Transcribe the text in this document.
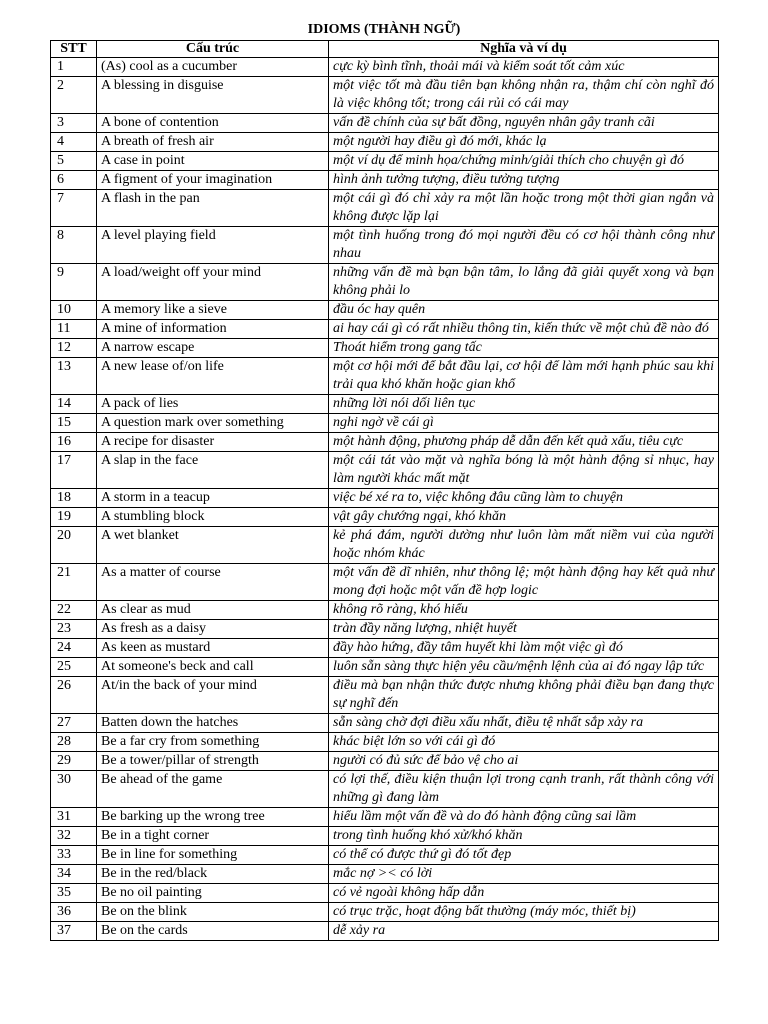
IDIOMS (THÀNH NGỮ)
STT	Cấu trúc	Nghĩa và ví dụ
1	(As) cool as a cucumber	cực kỳ bình tĩnh, thoải mái và kiểm soát tốt cảm xúc
2	A blessing in disguise	một việc tốt mà đầu tiên bạn không nhận ra, thậm chí còn nghĩ đó là việc không tốt; trong cái rủi có cái may
3	A bone of contention	vấn đề chính của sự bất đồng, nguyên nhân gây tranh cãi
4	A breath of fresh air	một người hay điều gì đó mới, khác lạ
5	A case in point	một ví dụ để minh họa/chứng minh/giải thích cho chuyện gì đó
6	A figment of your imagination	hình ảnh tưởng tượng, điều tưởng tượng
7	A flash in the pan	một cái gì đó chỉ xảy ra một lần hoặc trong một thời gian ngắn và không được lặp lại
8	A level playing field	một tình huống trong đó mọi người đều có cơ hội thành công như nhau
9	A load/weight off your mind	những vấn đề mà bạn bận tâm, lo lắng đã giải quyết xong và bạn không phải lo
10	A memory like a sieve	đầu óc hay quên
11	A mine of information	ai hay cái gì có rất nhiều thông tin, kiến thức về một chủ đề nào đó
12	A narrow escape	Thoát hiểm trong gang tấc
13	A new lease of/on life	một cơ hội mới để bắt đầu lại, cơ hội để làm mới hạnh phúc sau khi trải qua khó khăn hoặc gian khổ
14	A pack of lies	những lời nói dối liên tục
15	A question mark over something	nghi ngờ về cái gì
16	A recipe for disaster	một hành động, phương pháp dễ dẫn đến kết quả xấu, tiêu cực
17	A slap in the face	một cái tát vào mặt và nghĩa bóng là một hành động sỉ nhục, hay làm người khác mất mặt
18	A storm in a teacup	việc bé xé ra to, việc không đâu cũng làm to chuyện
19	A stumbling block	vật gây chướng ngại, khó khăn
20	A wet blanket	kẻ phá đám, người dường như luôn làm mất niềm vui của người hoặc nhóm khác
21	As a matter of course	một vấn đề dĩ nhiên, như thông lệ; một hành động hay kết quả như mong đợi hoặc một vấn đề hợp logic
22	As clear as mud	không rõ ràng, khó hiểu
23	As fresh as a daisy	tràn đầy năng lượng, nhiệt huyết
24	As keen as mustard	đầy hào hứng, đầy tâm huyết khi làm một việc gì đó
25	At someone's beck and call	luôn sẵn sàng thực hiện yêu cầu/mệnh lệnh của ai đó ngay lập tức
26	At/in the back of your mind	điều mà bạn nhận thức được nhưng không phải điều bạn đang thực sự nghĩ đến
27	Batten down the hatches	sẵn sàng chờ đợi điều xấu nhất, điều tệ nhất sắp xảy ra
28	Be a far cry from something	khác biệt lớn so với cái gì đó
29	Be a tower/pillar of strength	người có đủ sức để bảo vệ cho ai
30	Be ahead of the game	có lợi thế, điều kiện thuận lợi trong cạnh tranh, rất thành công với những gì đang làm
31	Be barking up the wrong tree	hiểu lầm một vấn đề và do đó hành động cũng sai lầm
32	Be in a tight corner	trong tình huống khó xử/khó khăn
33	Be in line for something	có thể có được thứ gì đó tốt đẹp
34	Be in the red/black	mắc nợ >< có lời
35	Be no oil painting	có vẻ ngoài không hấp dẫn
36	Be on the blink	có trục trặc, hoạt động bất thường (máy móc, thiết bị)
37	Be on the cards	dễ xảy ra
